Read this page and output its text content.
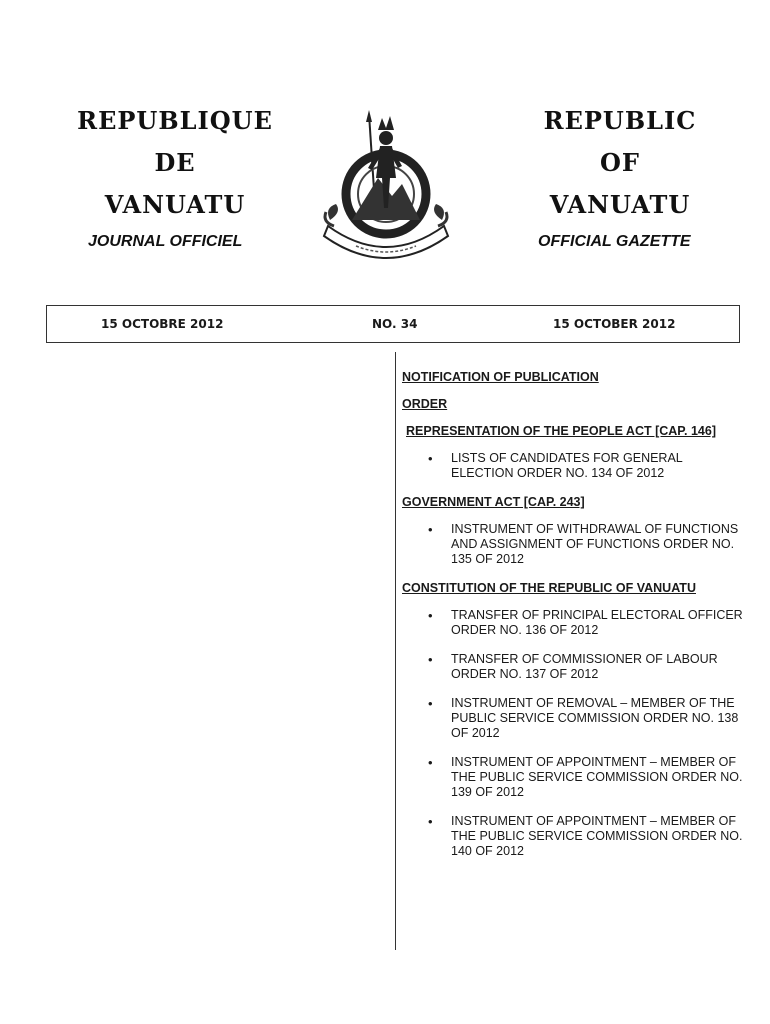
REPUBLIQUE
DE
VANUATU
JOURNAL OFFICIEL
REPUBLIC
OF
VANUATU
OFFICIAL GAZETTE
15 OCTOBRE 2012	NO. 34	15 OCTOBER 2012
NOTIFICATION OF PUBLICATION
ORDER
REPRESENTATION OF THE PEOPLE ACT [CAP. 146]
• LISTS OF CANDIDATES FOR GENERAL ELECTION ORDER NO. 134 OF 2012
GOVERNMENT ACT [CAP. 243]
• INSTRUMENT OF WITHDRAWAL OF FUNCTIONS AND ASSIGNMENT OF FUNCTIONS ORDER NO. 135 OF 2012
CONSTITUTION OF THE REPUBLIC OF VANUATU
• TRANSFER OF PRINCIPAL ELECTORAL OFFICER ORDER NO. 136 OF 2012
• TRANSFER OF COMMISSIONER OF LABOUR ORDER NO. 137 OF 2012
• INSTRUMENT OF REMOVAL – MEMBER OF THE PUBLIC SERVICE COMMISSION ORDER NO. 138 OF 2012
• INSTRUMENT OF APPOINTMENT – MEMBER OF THE PUBLIC SERVICE COMMISSION ORDER NO. 139 OF 2012
• INSTRUMENT OF APPOINTMENT – MEMBER OF THE PUBLIC SERVICE COMMISSION ORDER NO. 140 OF 2012
